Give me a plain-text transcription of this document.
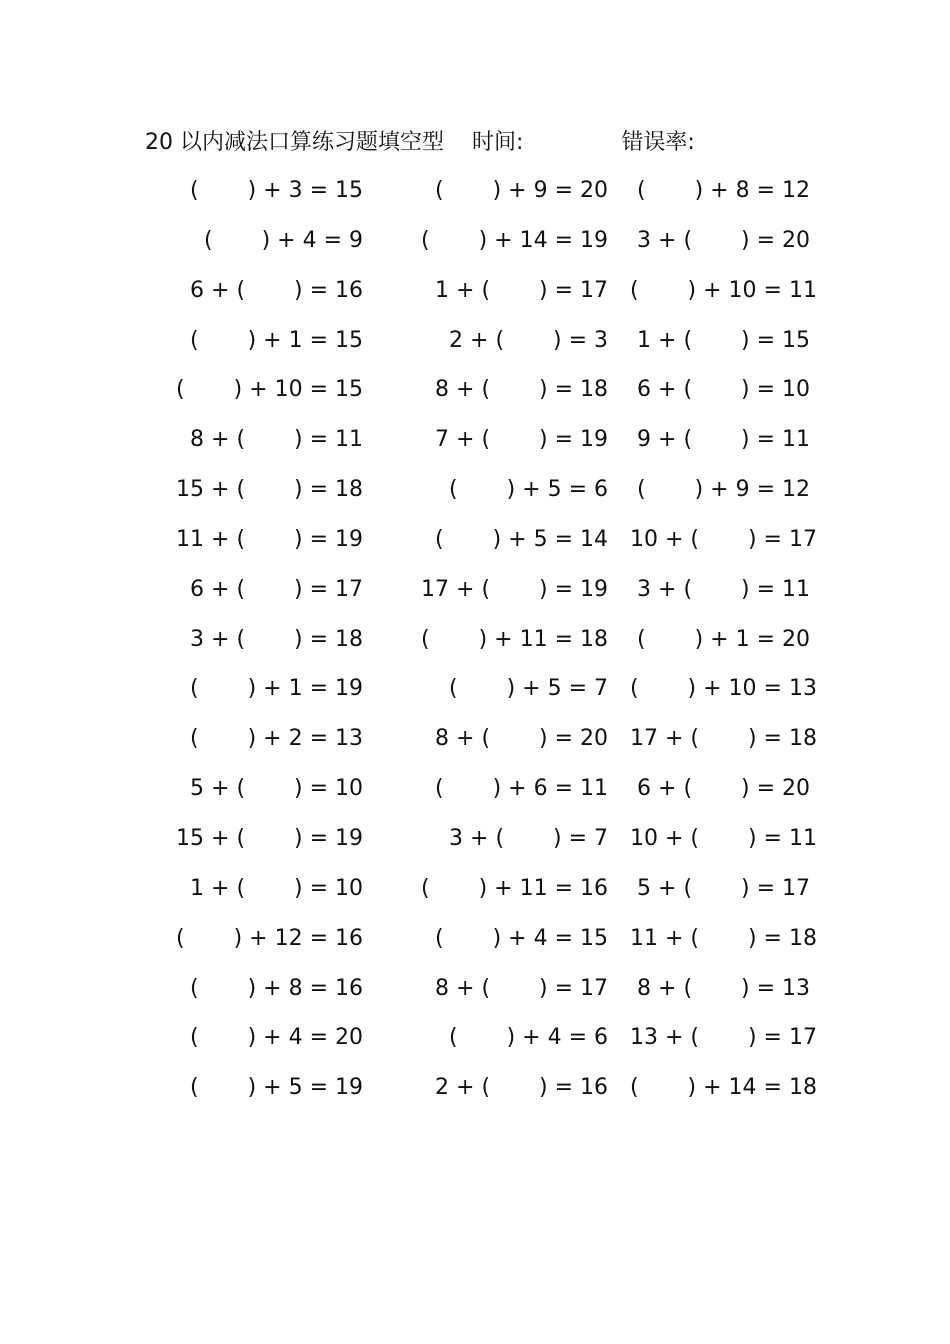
20 以内减法口算练习题填空型 时间:	错误率:
(       ) + 3 = 15	(       ) + 9 = 20	(       ) + 8 = 12
(       ) + 4 = 9	(       ) + 14 = 19	3 + (       ) = 20
6 + (       ) = 16	1 + (       ) = 17	(       ) + 10 = 11
(       ) + 1 = 15	2 + (       ) = 3	1 + (       ) = 15
(       ) + 10 = 15	8 + (       ) = 18	6 + (       ) = 10
8 + (       ) = 11	7 + (       ) = 19	9 + (       ) = 11
15 + (       ) = 18	(       ) + 5 = 6	(       ) + 9 = 12
11 + (       ) = 19	(       ) + 5 = 14	10 + (       ) = 17
6 + (       ) = 17	17 + (       ) = 19	3 + (       ) = 11
3 + (       ) = 18	(       ) + 11 = 18	(       ) + 1 = 20
(       ) + 1 = 19	(       ) + 5 = 7	(       ) + 10 = 13
(       ) + 2 = 13	8 + (       ) = 20	17 + (       ) = 18
5 + (       ) = 10	(       ) + 6 = 11	6 + (       ) = 20
15 + (       ) = 19	3 + (       ) = 7	10 + (       ) = 11
1 + (       ) = 10	(       ) + 11 = 16	5 + (       ) = 17
(       ) + 12 = 16	(       ) + 4 = 15	11 + (       ) = 18
(       ) + 8 = 16	8 + (       ) = 17	8 + (       ) = 13
(       ) + 4 = 20	(       ) + 4 = 6	13 + (       ) = 17
(       ) + 5 = 19	2 + (       ) = 16	(       ) + 14 = 18
